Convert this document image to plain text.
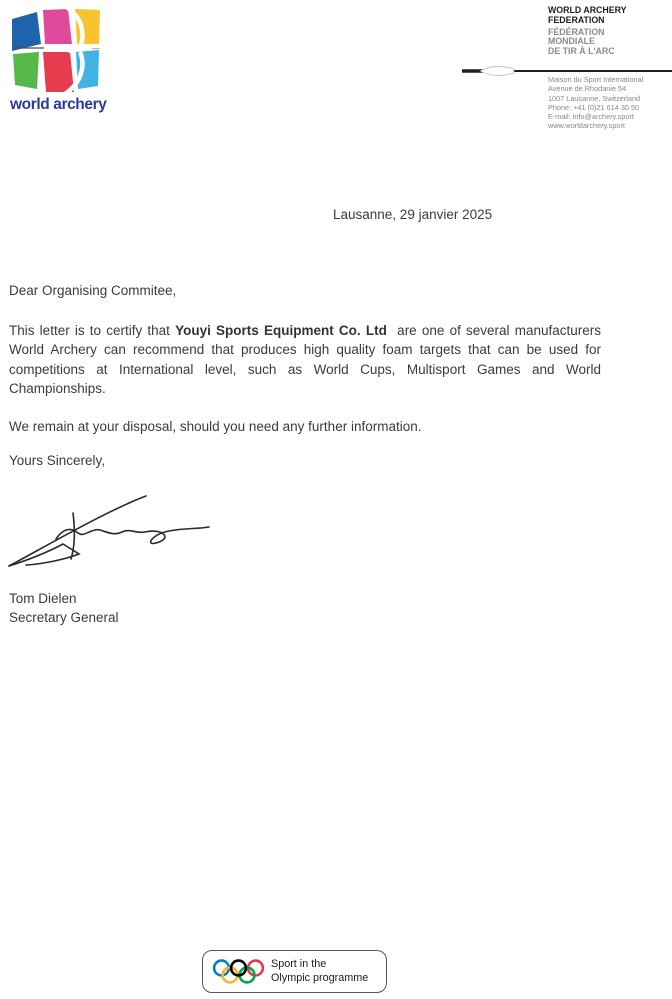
world archery
WORLD ARCHERY
FEDERATION
FÉDÉRATION
MONDIALE
DE TIR À L'ARC
Maison du Sport International
Avenue de Rhodanie 54
1007 Lausanne, Switzerland
Phone: +41 (0)21 614 30 50
E-mail: info@archery.sport
www.worldarchery.sport
Lausanne, 29 janvier 2025
Dear Organising Commitee,
This letter is to certify that Youyi Sports Equipment Co. Ltd  are one of several manufacturers World Archery can recommend that produces high quality foam targets that can be used for competitions at International level, such as World Cups, Multisport Games and World Championships.
We remain at your disposal, should you need any further information.
Yours Sincerely,
Tom Dielen
Secretary General
Sport in the
Olympic programme
